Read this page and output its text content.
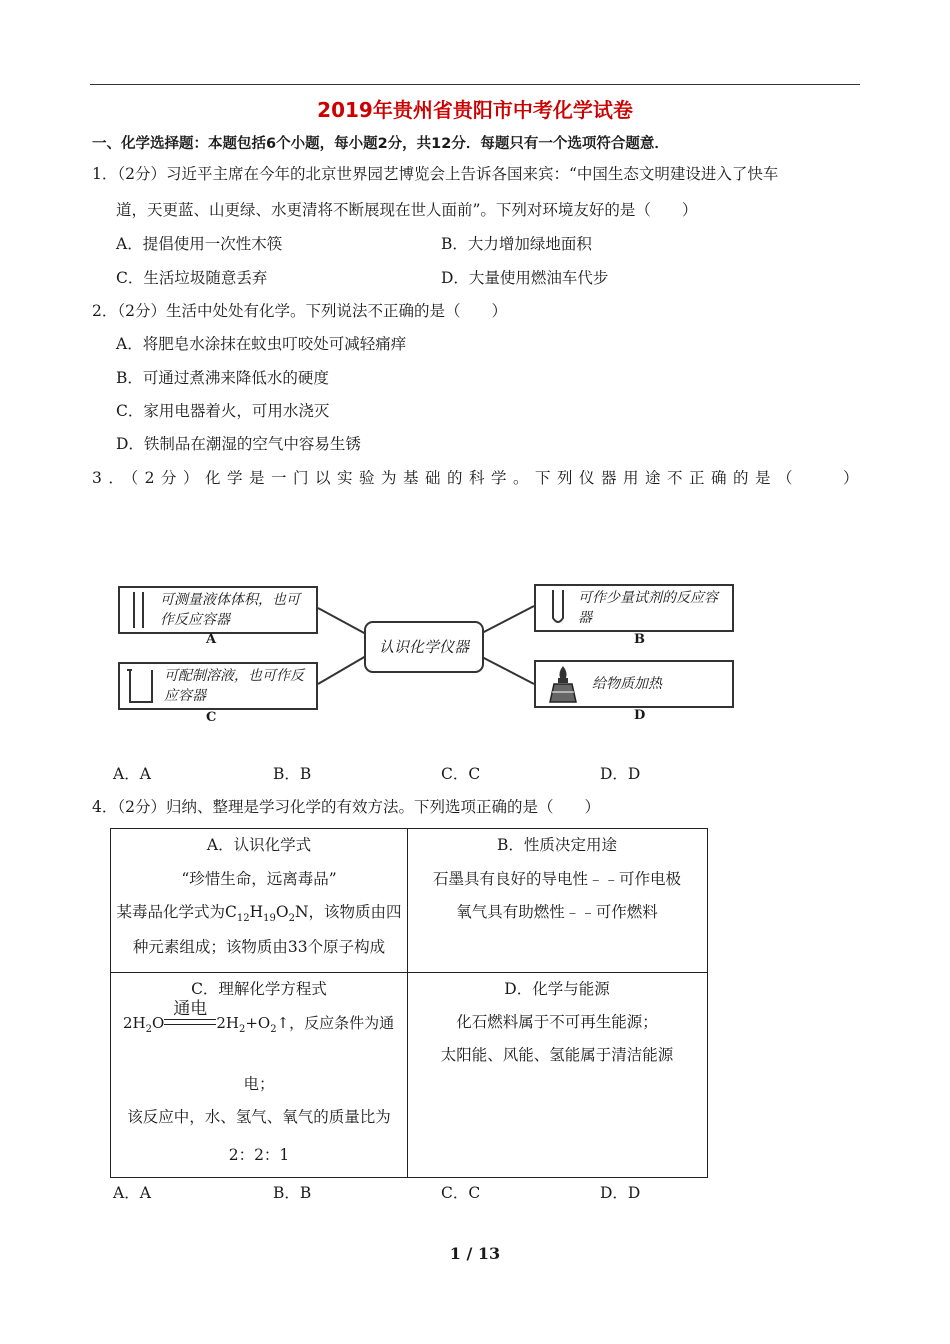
2019年贵州省贵阳市中考化学试卷
一、化学选择题：本题包括6个小题，每小题2分，共12分．每题只有一个选项符合题意．
1．（2分）习近平主席在今年的北京世界园艺博览会上告诉各国来宾：“中国生态文明建设进入了快车
道，天更蓝、山更绿、水更清将不断展现在世人面前”。下列对环境友好的是（　　）
A．提倡使用一次性木筷	B．大力增加绿地面积
C．生活垃圾随意丢弃	D．大量使用燃油车代步
2．（2分）生活中处处有化学。下列说法不正确的是（　　）
A．将肥皂水涂抹在蚊虫叮咬处可减轻痛痒
B．可通过煮沸来降低水的硬度
C．家用电器着火，可用水浇灭
D．铁制品在潮湿的空气中容易生锈
3．（2分）化学是一门以实验为基础的科学。下列仪器用途不正确的是（　　）
可测量液体体积，也可作反应容器
A
可配制溶液，也可作反应容器
C
认识化学仪器
可作少量试剂的反应容器
B
给物质加热
D
A．A	B．B	C．C	D．D
4．（2分）归纳、整理是学习化学的有效方法。下列选项正确的是（　　）
A．认识化学式
“珍惜生命，远离毒品”
某毒品化学式为$C_{12}H_{19}O_2N$，该物质由四
种元素组成；该物质由33个原子构成
B．性质决定用途
石墨具有良好的导电性﹣﹣可作电极
氧气具有助燃性﹣﹣可作燃料
C．理解化学方程式
$2H_2O$
通电
$2H_2+O_2↑$，反应条件为通
电；
该反应中，水、氢气、氧气的质量比为
2：2：1
D．化学与能源
化石燃料属于不可再生能源；
太阳能、风能、氢能属于清洁能源
A．A	B．B	C．C	D．D
1 / 13
